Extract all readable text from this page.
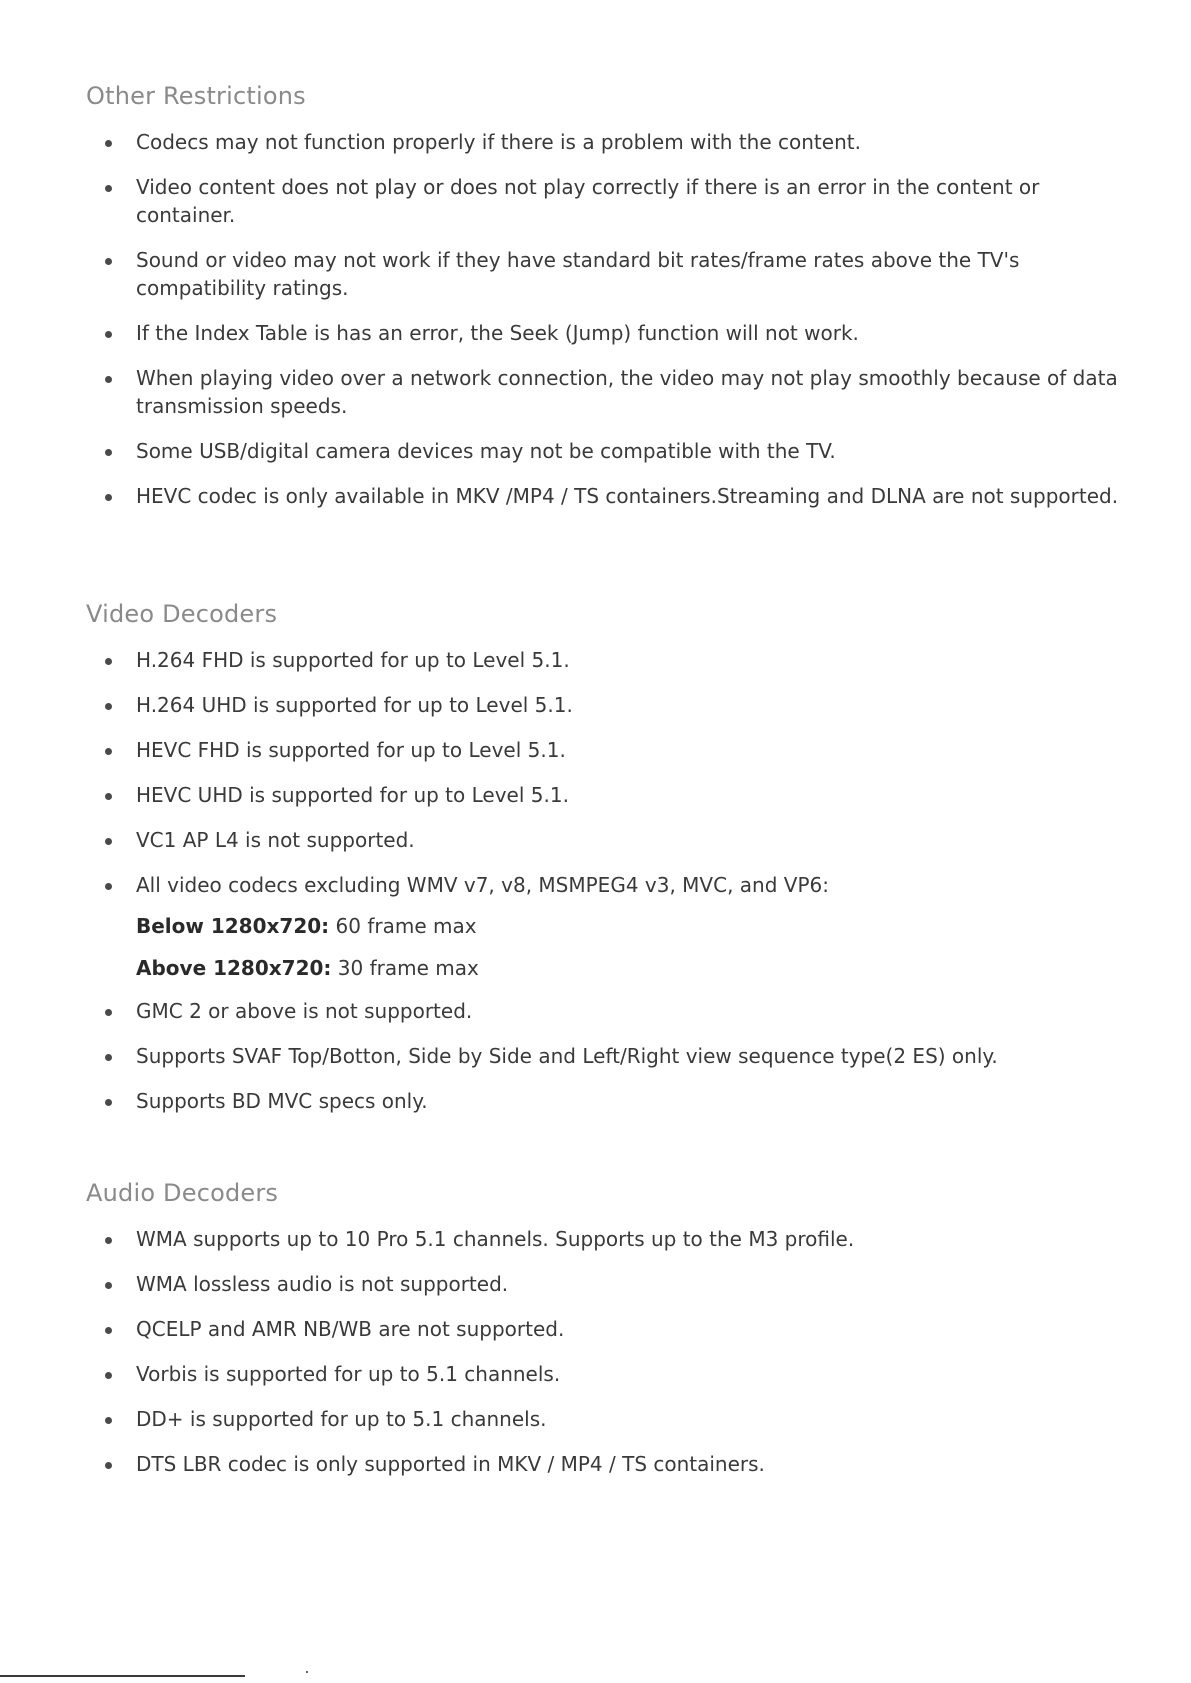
Other Restrictions
Codecs may not function properly if there is a problem with the content.
Video content does not play or does not play correctly if there is an error in the content or container.
Sound or video may not work if they have standard bit rates/frame rates above the TV's compatibility ratings.
If the Index Table is has an error, the Seek (Jump) function will not work.
When playing video over a network connection, the video may not play smoothly because of data transmission speeds.
Some USB/digital camera devices may not be compatible with the TV.
HEVC codec is only available in MKV /MP4 / TS containers.Streaming and DLNA are not supported.
Video Decoders
H.264 FHD is supported for up to Level 5.1.
H.264 UHD is supported for up to Level 5.1.
HEVC FHD is supported for up to Level 5.1.
HEVC UHD is supported for up to Level 5.1.
VC1 AP L4 is not supported.
All video codecs excluding WMV v7, v8, MSMPEG4 v3, MVC, and VP6:
Below 1280x720: 60 frame max
Above 1280x720: 30 frame max
GMC 2 or above is not supported.
Supports SVAF Top/Botton, Side by Side and Left/Right view sequence type(2 ES) only.
Supports BD MVC specs only.
Audio Decoders
WMA supports up to 10 Pro 5.1 channels. Supports up to the M3 profile.
WMA lossless audio is not supported.
QCELP and AMR NB/WB are not supported.
Vorbis is supported for up to 5.1 channels.
DD+ is supported for up to 5.1 channels.
DTS LBR codec is only supported in MKV / MP4 / TS containers.
